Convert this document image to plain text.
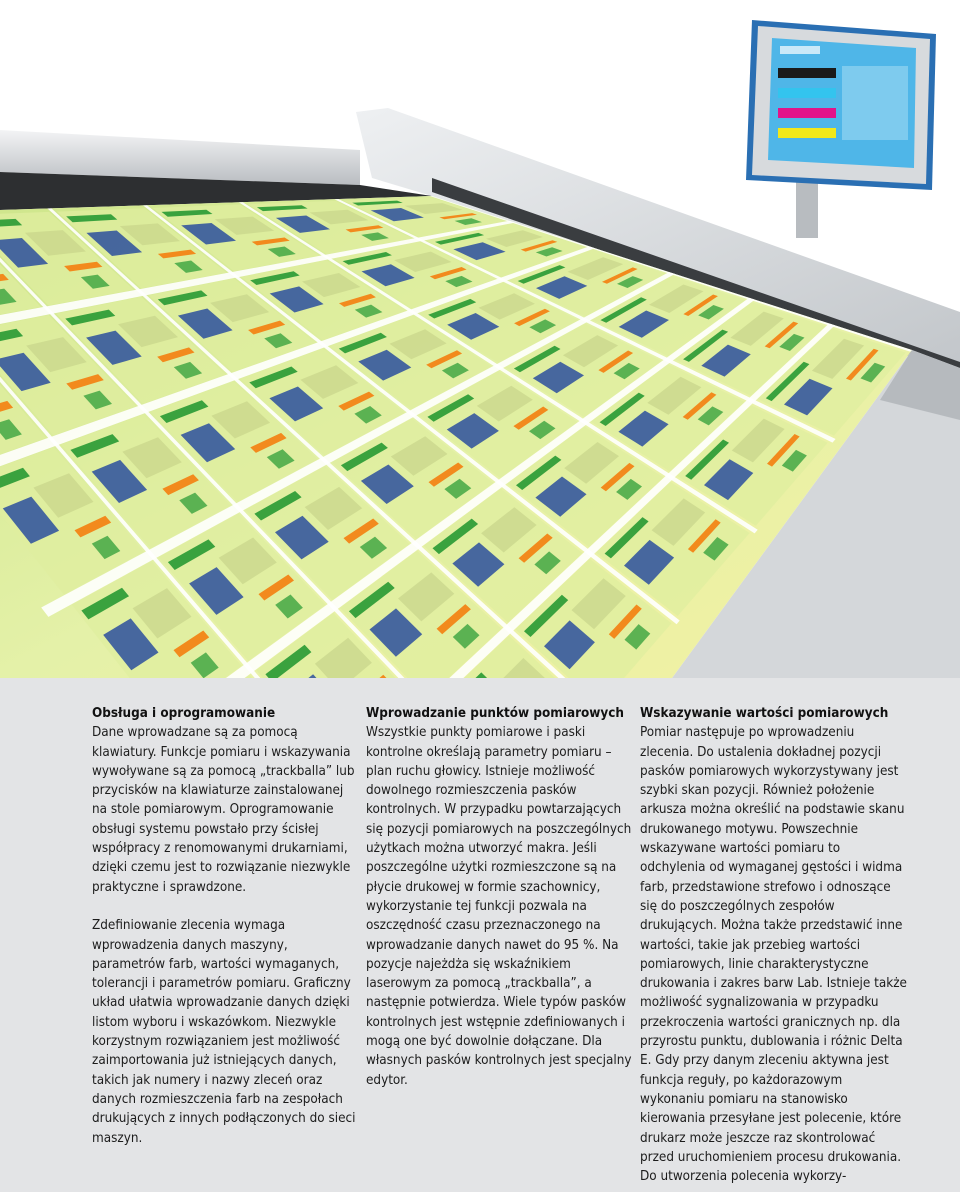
Obsługa i oprogramowanie

Dane wprowadzane są za pomocą klawiatury. Funkcje pomiaru i wskazywania wywoływane są za pomocą „trackballa” lub przycisków na klawiaturze zainstalowanej na stole pomiarowym. Oprogramowanie obsługi systemu powstało przy ścisłej współpracy z renomowanymi drukarniami, dzięki czemu jest to rozwiązanie niezwykle praktyczne i sprawdzone.

Zdefiniowanie zlecenia wymaga wprowadzenia danych maszyny, parametrów farb, wartości wymaganych, tolerancji i parametrów pomiaru. Graficzny układ ułatwia wprowadzanie danych dzięki listom wyboru i wskazówkom. Niezwykle korzystnym rozwiązaniem jest możliwość zaimportowania już istniejących danych, takich jak numery i nazwy zleceń oraz danych rozmieszczenia farb na zespołach drukujących z innych podłączonych do sieci maszyn.

Wprowadzanie punktów pomiarowych

Wszystkie punkty pomiarowe i paski kontrolne określają parametry pomiaru – plan ruchu głowicy. Istnieje możliwość dowolnego rozmieszczenia pasków kontrolnych. W przypadku powtarzających się pozycji pomiarowych na poszczególnych użytkach można utworzyć makra. Jeśli poszczególne użytki rozmieszczone są na płycie drukowej w formie szachownicy, wykorzystanie tej funkcji pozwala na oszczędność czasu przeznaczonego na wprowadzanie danych nawet do 95 %. Na pozycje najeżdża się wskaźnikiem laserowym za pomocą „trackballa”, a następnie potwierdza. Wiele typów pasków kontrolnych jest wstępnie zdefiniowanych i mogą one być dowolnie dołączane. Dla własnych pasków kontrolnych jest specjalny edytor.

Wskazywanie wartości pomiarowych

Pomiar następuje po wprowadzeniu zlecenia. Do ustalenia dokładnej pozycji pasków pomiarowych wykorzystywany jest szybki skan pozycji. Również położenie arkusza można określić na podstawie skanu drukowanego motywu. Powszechnie wskazywane wartości pomiaru to odchylenia od wymaganej gęstości i widma farb, przedstawione strefowo i odnoszące się do poszczególnych zespołów drukujących. Można także przedstawić inne wartości, takie jak przebieg wartości pomiarowych, linie charakterystyczne drukowania i zakres barw Lab. Istnieje także możliwość sygnalizowania w przypadku przekroczenia wartości granicznych np. dla przyrostu punktu, dublowania i różnic Delta E. Gdy przy danym zleceniu aktywna jest funkcja reguły, po każdorazowym wykonaniu pomiaru na stanowisko kierowania przesyłane jest polecenie, które drukarz może jeszcze raz skontrolować przed uruchomieniem procesu drukowania. Do utworzenia polecenia wykorzy-
